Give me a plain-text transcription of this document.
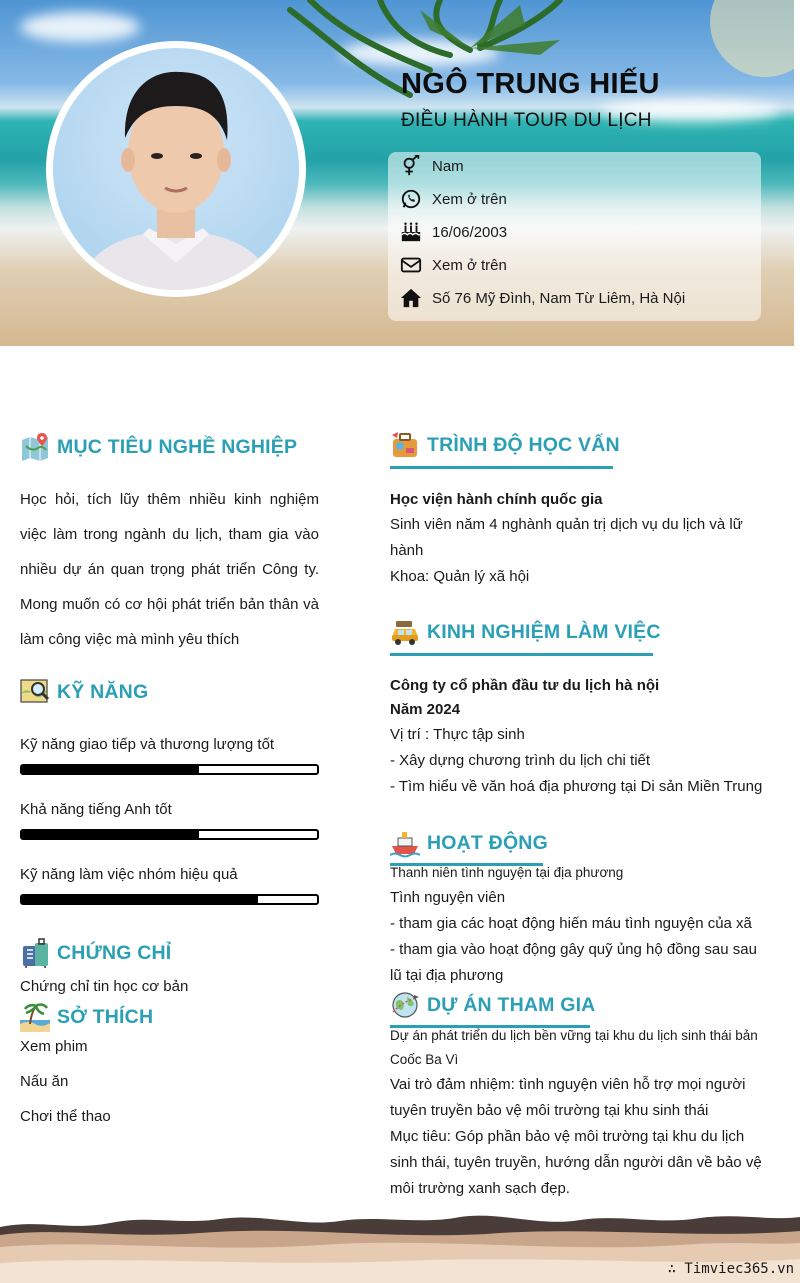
NGÔ TRUNG HIẾU
ĐIỀU HÀNH TOUR DU LỊCH
Nam
Xem ở trên
16/06/2003
Xem ở trên
Số 76 Mỹ Đình, Nam Từ Liêm, Hà Nội
MỤC TIÊU NGHỀ NGHIỆP
Học hỏi, tích lũy thêm nhiều kinh nghiệm việc làm trong ngành du lịch, tham gia vào nhiều dự án quan trọng phát triển Công ty. Mong muốn có cơ hội phát triển bản thân và làm công việc mà mình yêu thích
KỸ NĂNG
Kỹ năng giao tiếp và thương lượng tốt
Khả năng tiếng Anh tốt
Kỹ năng làm việc nhóm hiệu quả
CHỨNG CHỈ
Chứng chỉ tin học cơ bản
SỞ THÍCH
Xem phim
Nấu ăn
Chơi thể thao
TRÌNH ĐỘ HỌC VẤN
Học viện hành chính quốc gia
Sinh viên năm 4 nghành quản trị dịch vụ du lịch và lữ
hành
Khoa: Quản lý xã hội
KINH NGHIỆM LÀM VIỆC
Công ty cổ phần đầu tư du lịch hà nội
Năm 2024
Vị trí : Thực tập sinh
- Xây dựng chương trình du lịch chi tiết
- Tìm hiểu về văn hoá địa phương tại Di sản Miền Trung
HOẠT ĐỘNG
Thanh niên tình nguyện tại địa phương
Tình nguyện viên
- tham gia các hoạt động hiến máu tình nguyện của xã
- tham gia vào hoạt động gây quỹ ủng hộ đồng sau sau
lũ tại địa phương
DỰ ÁN THAM GIA
Dự án phát triển du lịch bền vững tại khu du lịch sinh thái bản
Coốc Ba Vì
Vai trò đảm nhiệm: tình nguyện viên hỗ trợ mọi người
tuyên truyền bảo vệ môi trường tại khu sinh thái
Mục tiêu: Góp phần bảo vệ môi trường tại khu du lịch
sinh thái, tuyên truyền, hướng dẫn người dân về bảo vệ
môi trường xanh sạch đẹp.
∴ Timviec365.vn
